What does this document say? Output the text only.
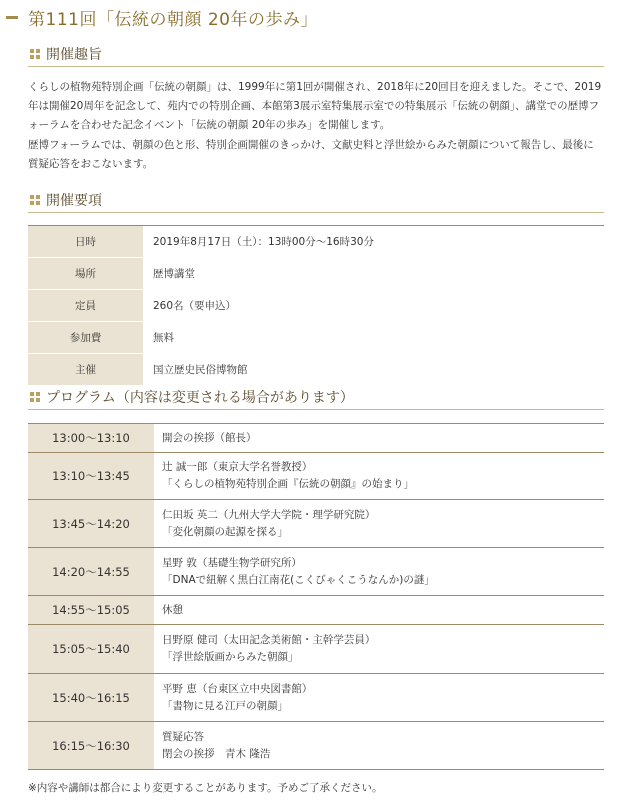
第111回「伝統の朝顔 20年の歩み」
開催趣旨
くらしの植物苑特別企画「伝統の朝顔」は、1999年に第1回が開催され、2018年に20回目を迎えました。そこで、2019年は開催20周年を記念して、苑内での特別企画、本館第3展示室特集展示室での特集展示「伝統の朝顔」、講堂での歴博フォーラムを合わせた記念イベント「伝統の朝顔 20年の歩み」を開催します。
歴博フォーラムでは、朝顔の色と形、特別企画開催のきっかけ、文献史料と浮世絵からみた朝顔について報告し、最後に質疑応答をおこないます。
開催要項
日時	2019年8月17日（土）：13時00分〜16時30分
場所	歴博講堂
定員	260名（要申込）
参加費	無料
主催	国立歴史民俗博物館
プログラム（内容は変更される場合があります）
13:00〜13:10	開会の挨拶（館長）

13:10〜13:45	辻 誠一郎（東京大学名誉教授）
「くらしの植物苑特別企画『伝統の朝顔』の始まり」

13:45〜14:20	仁田坂 英二（九州大学大学院・理学研究院）
「変化朝顔の起源を探る」

14:20〜14:55	星野 敦（基礎生物学研究所）
「DNAで紐解く黒白江南花(こくびゃくこうなんか)の謎」

14:55〜15:05	休憩

15:05〜15:40	日野原 健司（太田記念美術館・主幹学芸員）
「浮世絵版画からみた朝顔」

15:40〜16:15	平野 恵（台東区立中央図書館）
「書物に見る江戸の朝顔」

16:15〜16:30	質疑応答
閉会の挨拶　青木 隆浩
※内容や講師は都合により変更することがあります。予めご了承ください。
